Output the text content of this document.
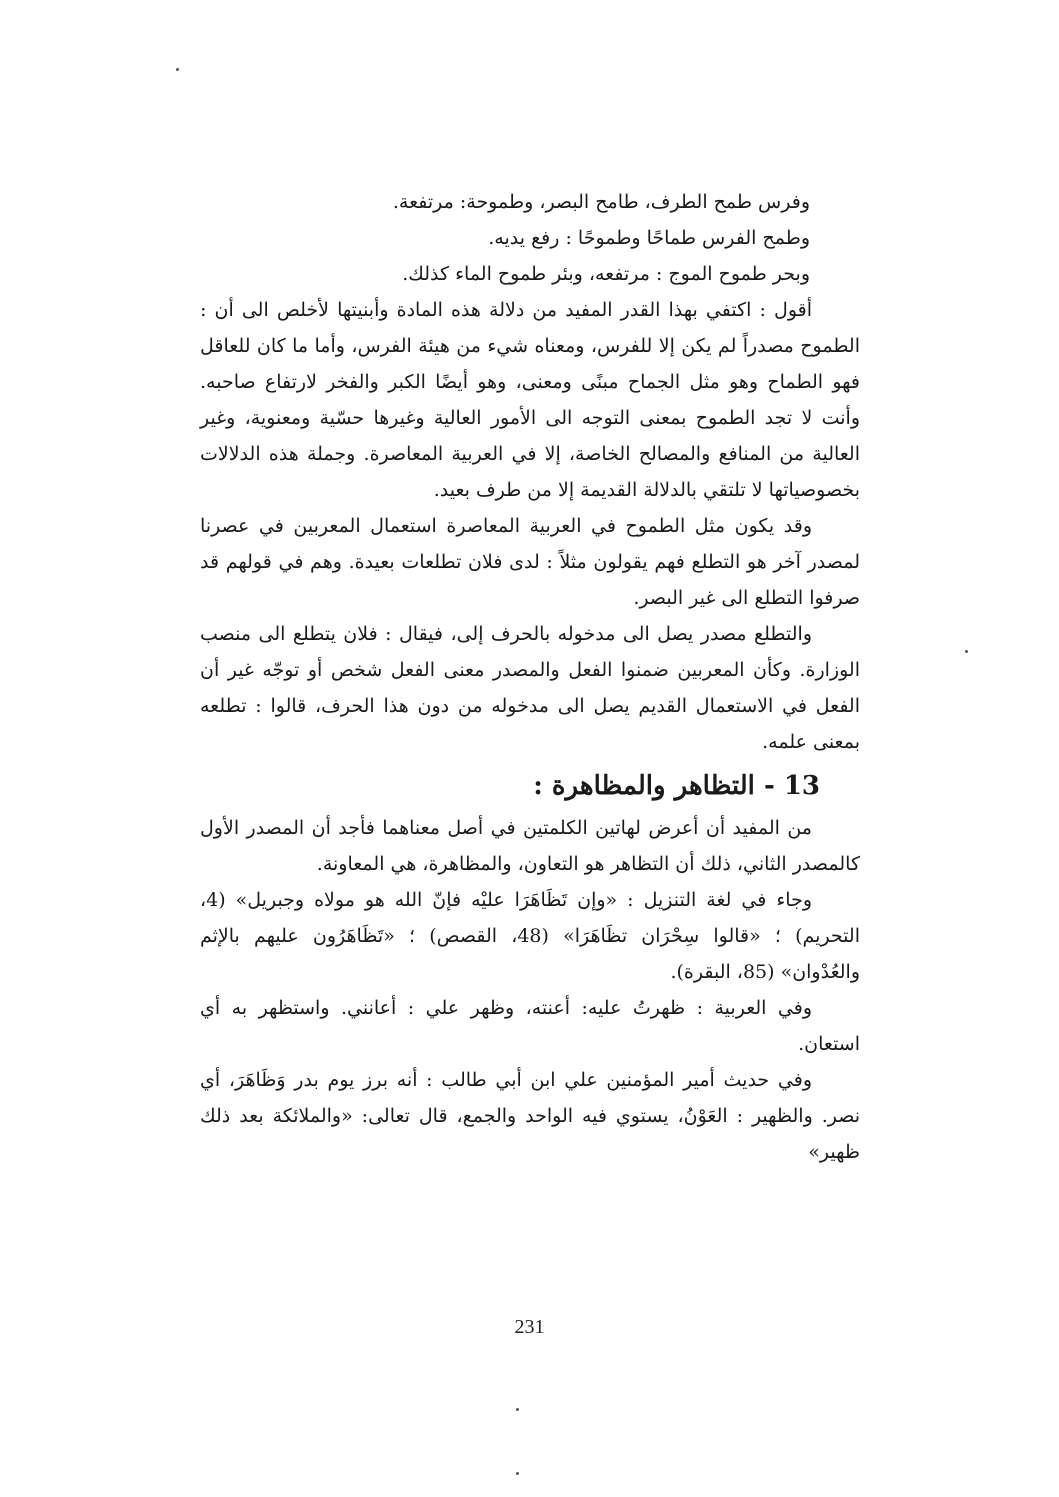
وفرس طمح الطرف، طامح البصر، وطموحة: مرتفعة.

وطمح الفرس طماحًا وطموحًا : رفع يديه.

وبحر طموح الموج : مرتفعه، وبئر طموح الماء كذلك.

أقول : اكتفي بهذا القدر المفيد من دلالة هذه المادة وأبنيتها لأخلص الى أن : الطموح مصدراً لم يكن إلا للفرس، ومعناه شيء من هيئة الفرس، وأما ما كان للعاقل فهو الطماح وهو مثل الجماح مبنًى ومعنى، وهو أيضًا الكبر والفخر لارتفاع صاحبه. وأنت لا تجد الطموح بمعنى التوجه الى الأمور العالية وغيرها حسّية ومعنوية، وغير العالية من المنافع والمصالح الخاصة، إلا في العربية المعاصرة. وجملة هذه الدلالات بخصوصياتها لا تلتقي بالدلالة القديمة إلا من طرف بعيد.

وقد يكون مثل الطموح في العربية المعاصرة استعمال المعربين في عصرنا لمصدر آخر هو التطلع فهم يقولون مثلاً : لدى فلان تطلعات بعيدة. وهم في قولهم قد صرفوا التطلع الى غير البصر.

والتطلع مصدر يصل الى مدخوله بالحرف إلى، فيقال : فلان يتطلع الى منصب الوزارة. وكأن المعربين ضمنوا الفعل والمصدر معنى الفعل شخص أو توجّه غير أن الفعل في الاستعمال القديم يصل الى مدخوله من دون هذا الحرف، قالوا : تطلعه بمعنى علمه.

13 - التظاهر والمظاهرة :

من المفيد أن أعرض لهاتين الكلمتين في أصل معناهما فأجد أن المصدر الأول كالمصدر الثاني، ذلك أن التظاهر هو التعاون، والمظاهرة، هي المعاونة.

وجاء في لغة التنزيل : «وإن تَظَاهَرَا عليْه فإنّ الله هو مولاه وجبريل» (4، التحريم) ؛ «قالوا سِحْرَان تظَاهَرَا» (48، القصص) ؛ «تَظَاهَرُون عليهم بالإثم والعُدْوان» (85، البقرة).

وفي العربية : ظهرتُ عليه: أعنته، وظهر علي : أعانني. واستظهر به أي استعان.

وفي حديث أمير المؤمنين علي ابن أبي طالب : أنه برز يوم بدر وَظَاهَرَ، أي نصر. والظهير : العَوْنُ، يستوي فيه الواحد والجمع، قال تعالى: «والملائكة بعد ذلك ظهير»

231
